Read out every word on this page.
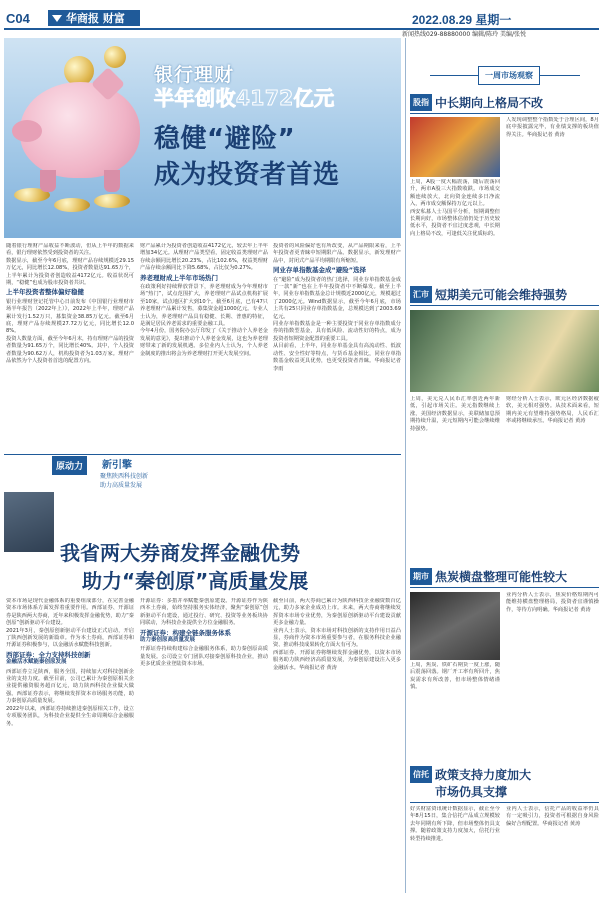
C04	华商报 财富	2022.08.29 星期一
新闻热线029-88880000 编辑/陈玲 美编/张悦
银行理财
半年创收4172亿元
稳健“避险”
成为投资者首选

随着银行理财产品收益不断波动，但从上半年的数据来看，银行理财依然受到投资者的关注。

数据显示，截至今年6月底，理财产品存续规模近29.15万亿元，同比增长12.08%，投资者数量达91.65万个，上半年累计为投资者创造收益4172亿元。收益状况可期，“稳健”也成为股市投资者共识。

上半年投资者整体偏好稳健

银行业理财登记托管中心日前发布《中国银行业理财市场半年报告（2022年上）》，2022年上半年，理财产品累计发行1.52万只，募集资金38.85万亿元。截至6月底，理财产品存续规模27.72万亿元，同比增长12.08%。

投资人数量方面，截至今年6月末，持有理财产品的投资者数量为91.65万个，同比增长40%。其中，个人投资者数量为90.62万人，机构投资者为1.03万家。理财产品依然为个人投资者首选的配置方向。

财产品累计为投资者创造收益4172亿元，较去年上半年增加34亿元。从理财产品类型看，固定收益类理财产品存续余额同比增长20.23%，占比102.6%，权益类理财产品存续余额同比下降5.68%，占比仅为0.27%。

养老理财成上半年市场热门

在政策利好持续释放背景下，养老理财成为今年理财市场“热门”，试点范围扩大，养老理财产品试点机构扩展至10家，试点地区扩大到10个。截至6月底，已有47只养老理财产品累计发售，募集资金超1000亿元。专业人士认为，养老理财产品具有稳健、长期、普惠的特征，是满足居民养老需求的重要金融工具。

今年4月份，国务院办公厅印发了《关于推动个人养老金发展的意见》，提出推动个人养老金发展，这也为养老理财带来了新的发展机遇。多位业内人士认为，个人养老金制度的推出将会为养老理财打开更大发展空间。

投资者的风险偏好也有所改变，从产品期限来看，上半年投资者更青睐中短期限产品。数据显示，新发理财产品中，封闭式产品平均期限有所缩短。

同业存单指数基金成“避险”选择

在“避险”成为投资者的热门选择，同业存单指数基金成了一款“新”也在上半年投资者中不断爆发。截至上半年，同业存单指数基金总计规模近2000亿元，规模超过了2000亿元。Wind数据显示，截至今年6月底，市场上共有25只同业存单指数基金，总规模达到了2003.69亿元。

同业存单指数基金是一种主要投资于同业存单指数成分券的指数型基金，具有低风险、流动性好的特点，成为投资者短期资金配置的重要工具。

从目前看，上半年，同业存单基金具有高流动性、低波动性、安全性好等特点，与货币基金相比，同业存单指数基金收益更具优势，也更受投资者青睐。华商报记者 李雨

原动力	新引擎
聚焦陕西科技创新 助力高质量发展
我省两大券商发挥金融优势
助力“秦创原”高质量发展

资本市场是现代金融体系的重要组成部分，在完善金融资本市场体系方面发挥着重要作用。西部证券、开源证券是陕西两大券商，近年来积极发挥金融优势，助力“秦创原”创新驱动平台建设。

2021年3月，秦创原创新驱动平台建设正式启动，开启了陕西创新发展的新篇章。作为本土券商，西部证券和开源证券积极参与，以金融活水赋能科技创新。

西部证券：全力支持科技创新

金融活水赋能秦创原发展

西部证券立足陕西，服务全国，持续加大对科技创新企业的支持力度。截至目前，公司已累计为秦创原相关企业提供融资服务超百亿元，助力陕西科技企业做大做强。西部证券表示，将继续发挥资本市场服务功能，助力秦创原高质量发展。

2022年以来，西部证券持续推进秦创原相关工作，设立专项服务团队，为科技企业提供全生命周期综合金融服务。

开源证券：多措并举赋能秦创原建设。开源证券作为陕西本土券商，始终坚持服务实体经济，聚焦“秦创原”创新驱动平台建设，通过投行、研究、投资等业务板块协同联动，为科技企业提供全方位金融服务。

开源证券：构建全链条服务体系

助力秦创原高质量发展

开源证券持续构建综合金融服务体系，助力秦创原高质量发展。公司设立专门团队对接秦创原科技企业，推动更多优质企业登陆资本市场。

截至目前，两大券商已累计为陕西科技企业融资数百亿元，助力多家企业成功上市。未来，两大券商将继续发挥资本市场专业优势，为秦创原创新驱动平台建设贡献更多金融力量。

业内人士表示，资本市场对科技创新的支持作用日益凸显，券商作为资本市场重要参与者，在服务科技企业融资、推动科技成果转化方面大有可为。

西部证券、开源证券将继续发挥金融优势，以资本市场服务助力陕西经济高质量发展，为秦创原建设注入更多金融活水。华商报记者 黄涛

一周市场观察
股指 中长期向上格局不改

上周，A股一度大幅震荡，随后震荡回升，两市A股三大指数收跌。市场成交额连续放大，北向资金连续多日净流入，两市成交额保持万亿元以上。

西安私募人士马国平分析，短期调整但长期向好，市场整体估值仍处于历史较低水平，投资者不宜过度悲观，中长期向上格局不改，可逢低关注优质标的。

人发现调整整个指数处于合理区间，8月底中报披露完毕，有业绩支撑的板块值得关注。华商报记者 黄涛

汇市 短期美元可能会维持强势

上周，美元兑人民币汇率创近两年新低，引起市场关注。美元指数继续上涨，美国经济数据显示，美联储加息预期持续升温，美元短期内可能会继续维持强势。

财经分析人士表示，欧元区经济数据疲软，美元相对强势。从技术面来看，短期内美元有望维持强势格局，人民币汇率或将继续承压。华商报记者 黄涛

期市 焦炭横盘整理可能性较大

上周，焦炭、铁矿石期货一度上涨，随后震荡回落。钢厂开工率有所回升，焦炭需求有所改善，但市场整体情绪谨慎。

业内分析人士表示，焦炭价格短期内可能维持横盘整理格局，投资者宜谨慎操作，等待方向明确。华商报记者 黄涛

信托 政策支持力度加大
市场仍具支撑

好买财富资讯统计数据显示，截止至今年8月15日，集合信托产品成立规模较去年同期有所下降，但市场整体仍具支撑。随着政策支持力度加大，信托行业转型持续推进。

业内人士表示，信托产品的收益率仍具有一定吸引力，投资者可根据自身风险偏好合理配置。华商报记者 黄涛
